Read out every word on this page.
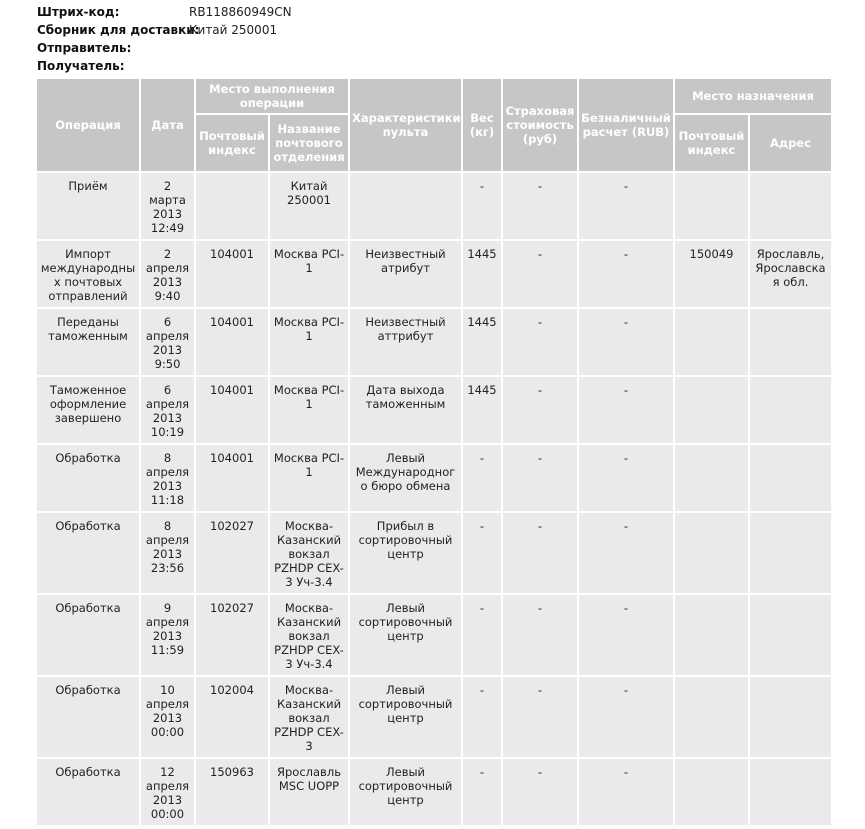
Штрих-код:	RB118860949CN
Сборник для доставки:Китай 250001
Отправитель:
Получатель:
Операция	Дата	Место выполнения операции		Характеристики пульта	Вес (кг)	Страховая стоимость (руб)	Безналичный расчет (RUB)	Место назначения	
		Почтовый индекс	Название почтового отделения					Почтовый индекс	Адрес
Приём	2 марта 2013 12:49		Китай 250001		-	-	-		
Импорт международных почтовых отправлений	2 апреля 2013 9:40	104001	Москва PCI-1	Неизвестный атрибут	1445	-	-	150049	Ярославль, Ярославская обл.
Переданы таможенным	6 апреля 2013 9:50	104001	Москва PCI-1	Неизвестный аттрибут	1445	-	-		
Таможенное оформление завершено	6 апреля 2013 10:19	104001	Москва PCI-1	Дата выхода таможенным	1445	-	-		
Обработка	8 апреля 2013 11:18	104001	Москва PCI-1	Левый Международного бюро обмена	-	-	-		
Обработка	8 апреля 2013 23:56	102027	Москва-Казанский вокзал PZHDP CEX-3 Уч-3.4	Прибыл в сортировочный центр	-	-	-		
Обработка	9 апреля 2013 11:59	102027	Москва-Казанский вокзал PZHDP CEX-3 Уч-3.4	Левый сортировочный центр	-	-	-		
Обработка	10 апреля 2013 00:00	102004	Москва-Казанский вокзал PZHDP CEX-3	Левый сортировочный центр	-	-	-		
Обработка	12 апреля 2013 00:00	150963	Ярославль MSC UOPP	Левый сортировочный центр	-	-	-		
